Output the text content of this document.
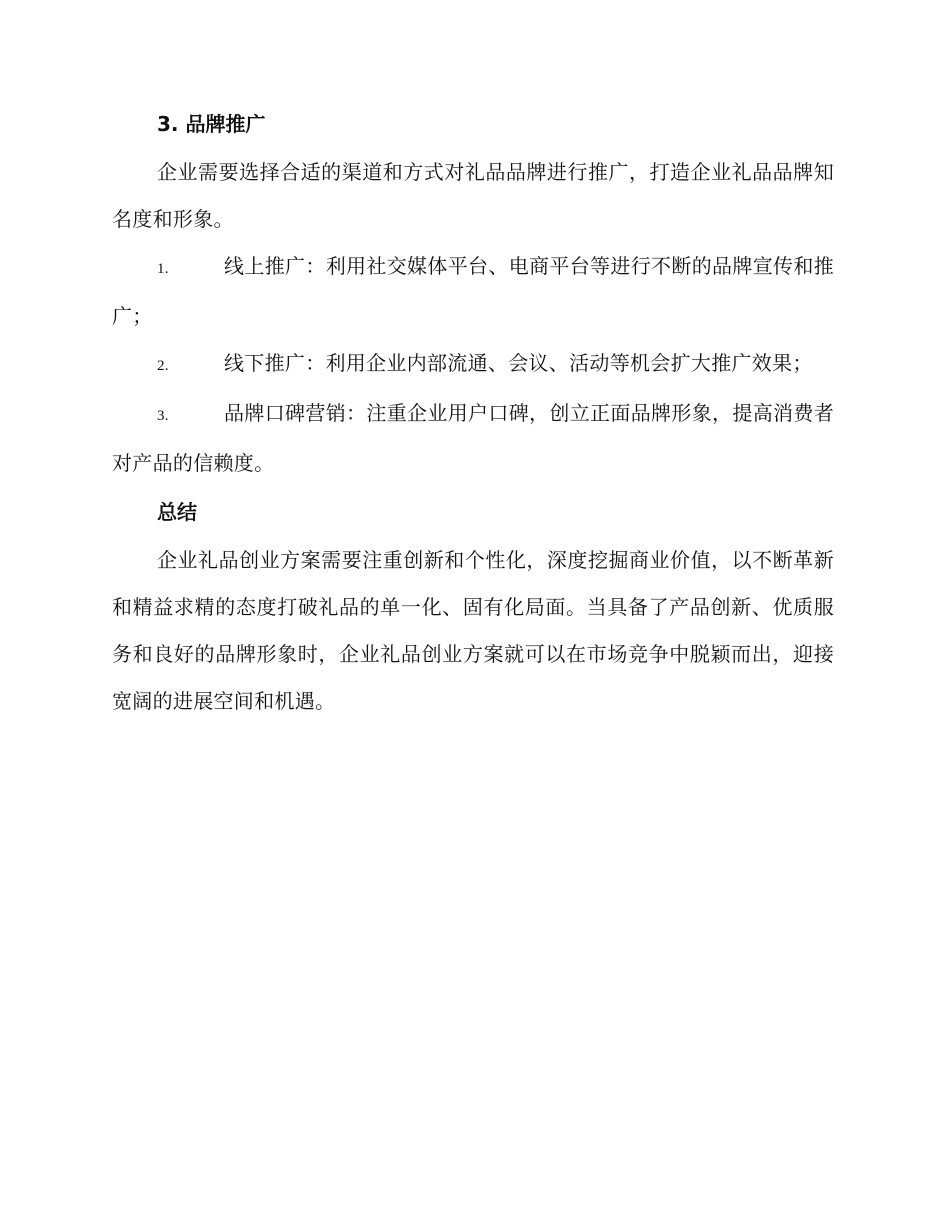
3. 品牌推广

企业需要选择合适的渠道和方式对礼品品牌进行推广，打造企业礼品品牌知名度和形象。

1.	线上推广：利用社交媒体平台、电商平台等进行不断的品牌宣传和推广；

2.	线下推广：利用企业内部流通、会议、活动等机会扩大推广效果；

3.	品牌口碑营销：注重企业用户口碑，创立正面品牌形象，提高消费者对产品的信赖度。

总结

企业礼品创业方案需要注重创新和个性化，深度挖掘商业价值，以不断革新和精益求精的态度打破礼品的单一化、固有化局面。当具备了产品创新、优质服务和良好的品牌形象时，企业礼品创业方案就可以在市场竞争中脱颖而出，迎接宽阔的进展空间和机遇。
